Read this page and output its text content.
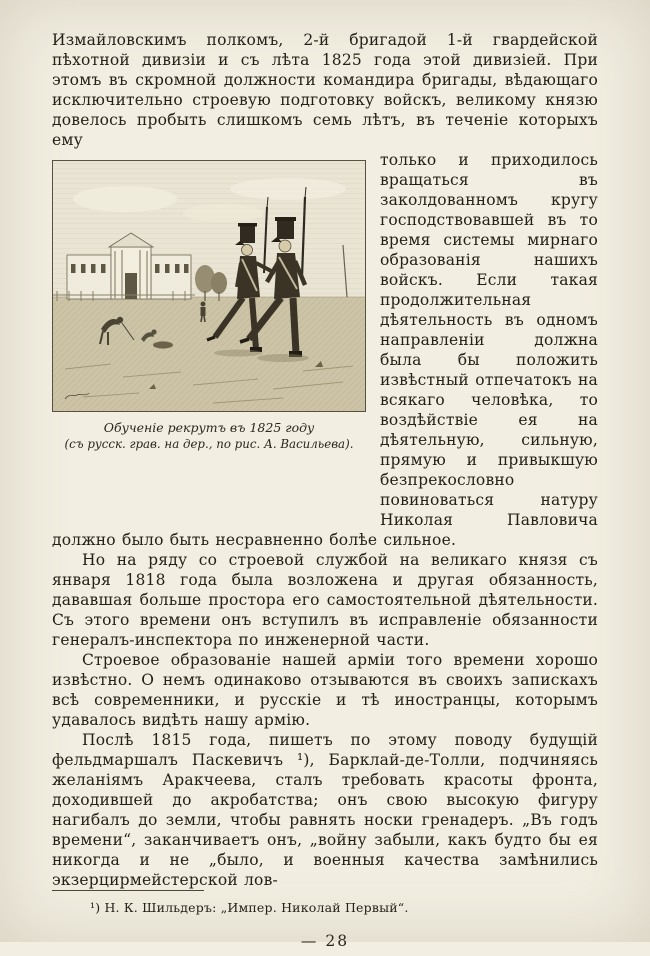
Измайловскимъ полкомъ, 2-й бригадой 1-й гвардейской пѣхотной дивизіи и съ лѣта 1825 года этой дивизіей. При этомъ въ скромной должности командира бригады, вѣдающаго исключительно строевую подготовку войскъ, великому князю довелось пробыть слишкомъ семь лѣтъ, въ теченіе которыхъ ему

Обученіе рекрутъ въ 1825 году
(съ русск. грав. на дер., по рис. А. Васильева).

только и приходилось вращаться въ заколдованномъ кругу господствовавшей въ то время системы мирнаго образованія нашихъ войскъ. Если такая продолжительная дѣятельность въ одномъ направленіи должна была бы положить извѣстный отпечатокъ на всякаго человѣка, то воздѣйствіе ея на дѣятельную, сильную, прямую и привыкшую безпрекословно повиноваться натуру Николая Павловича должно было быть несравненно болѣе сильное.

Но на ряду со строевой службой на великаго князя съ января 1818 года была возложена и другая обязанность, дававшая больше простора его самостоятельной дѣятельности. Съ этого времени онъ вступилъ въ исправленіе обязанности генералъ-инспектора по инженерной части.

Строевое образованіе нашей арміи того времени хорошо извѣстно. О немъ одинаково отзываются въ своихъ запискахъ всѣ современники, и русскіе и тѣ иностранцы, которымъ удавалось видѣть нашу армію.

Послѣ 1815 года, пишетъ по этому поводу будущій фельдмаршалъ Паскевичъ ¹), Барклай-де-Толли, подчиняясь желаніямъ Аракчеева, сталъ требовать красоты фронта, доходившей до акробатства; онъ свою высокую фигуру нагибалъ до земли, чтобы равнять носки гренадеръ. „Въ годъ времени“, заканчиваетъ онъ, „войну забыли, какъ будто бы ея никогда и не „было, и военныя качества замѣнились экзерцирмейстерской лов-

¹) Н. К. Шильдеръ: „Импер. Николай Первый“.
— 28
